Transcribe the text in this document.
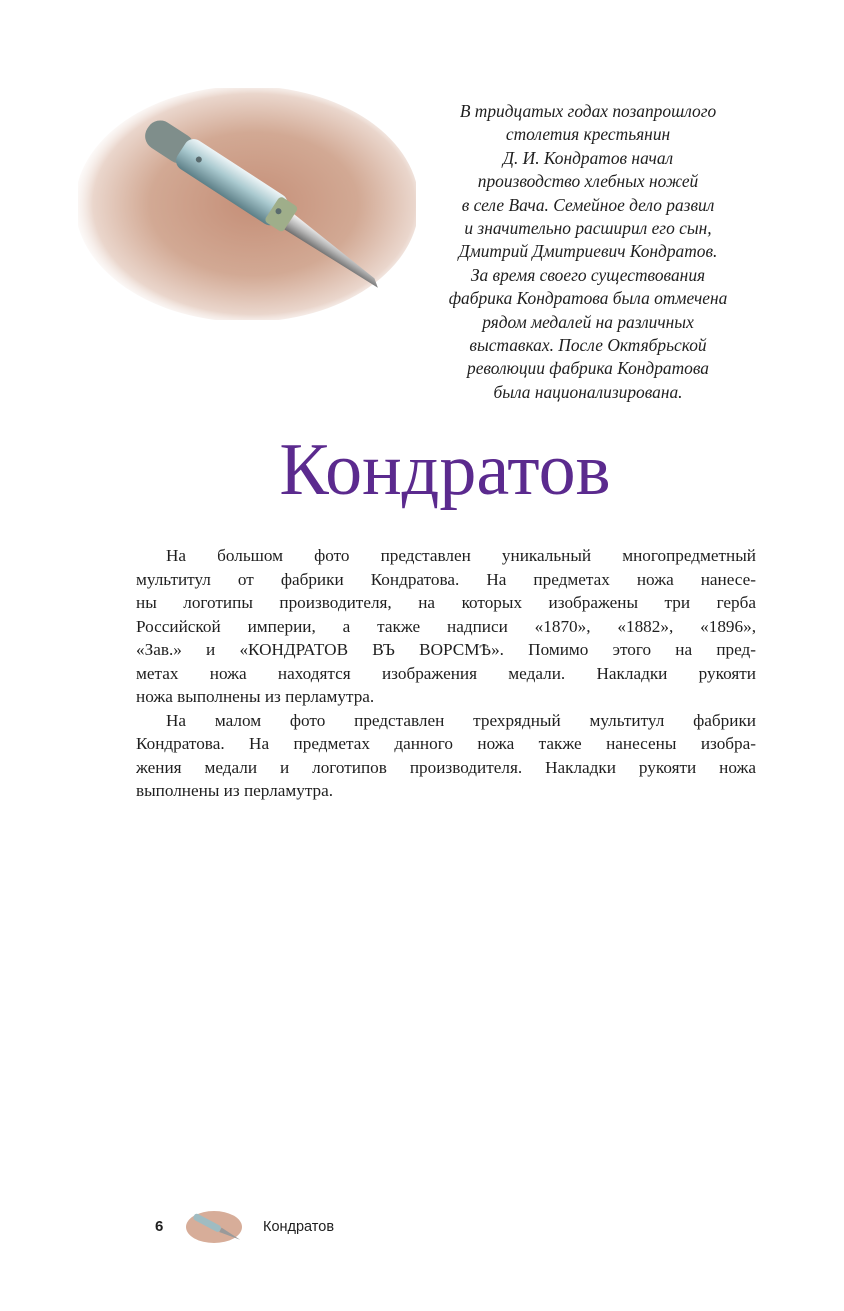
В тридцатых годах позапрошлого
столетия крестьянин
Д. И. Кондратов начал
производство хлебных ножей
в селе Вача. Семейное дело развил
и значительно расширил его сын,
Дмитрий Дмитриевич Кондратов.
За время своего существования
фабрика Кондратова была отмечена
рядом медалей на различных
выставках. После Октябрьской
революции фабрика Кондратова
была национализирована.
Кондратов
На большом фото представлен уникальный многопредметный
мультитул от фабрики Кондратова. На предметах ножа нанесе-
ны логотипы производителя, на которых изображены три герба
Российской империи, а также надписи «1870», «1882», «1896»,
«Зав.» и «КОНДРАТОВ ВЪ ВОРСМѢ». Помимо этого на пред-
метах ножа находятся изображения медали. Накладки рукояти
ножа выполнены из перламутра.
На малом фото представлен трехрядный мультитул фабрики
Кондратова. На предметах данного ножа также нанесены изобра-
жения медали и логотипов производителя. Накладки рукояти ножа
выполнены из перламутра.
6	Кондратов
